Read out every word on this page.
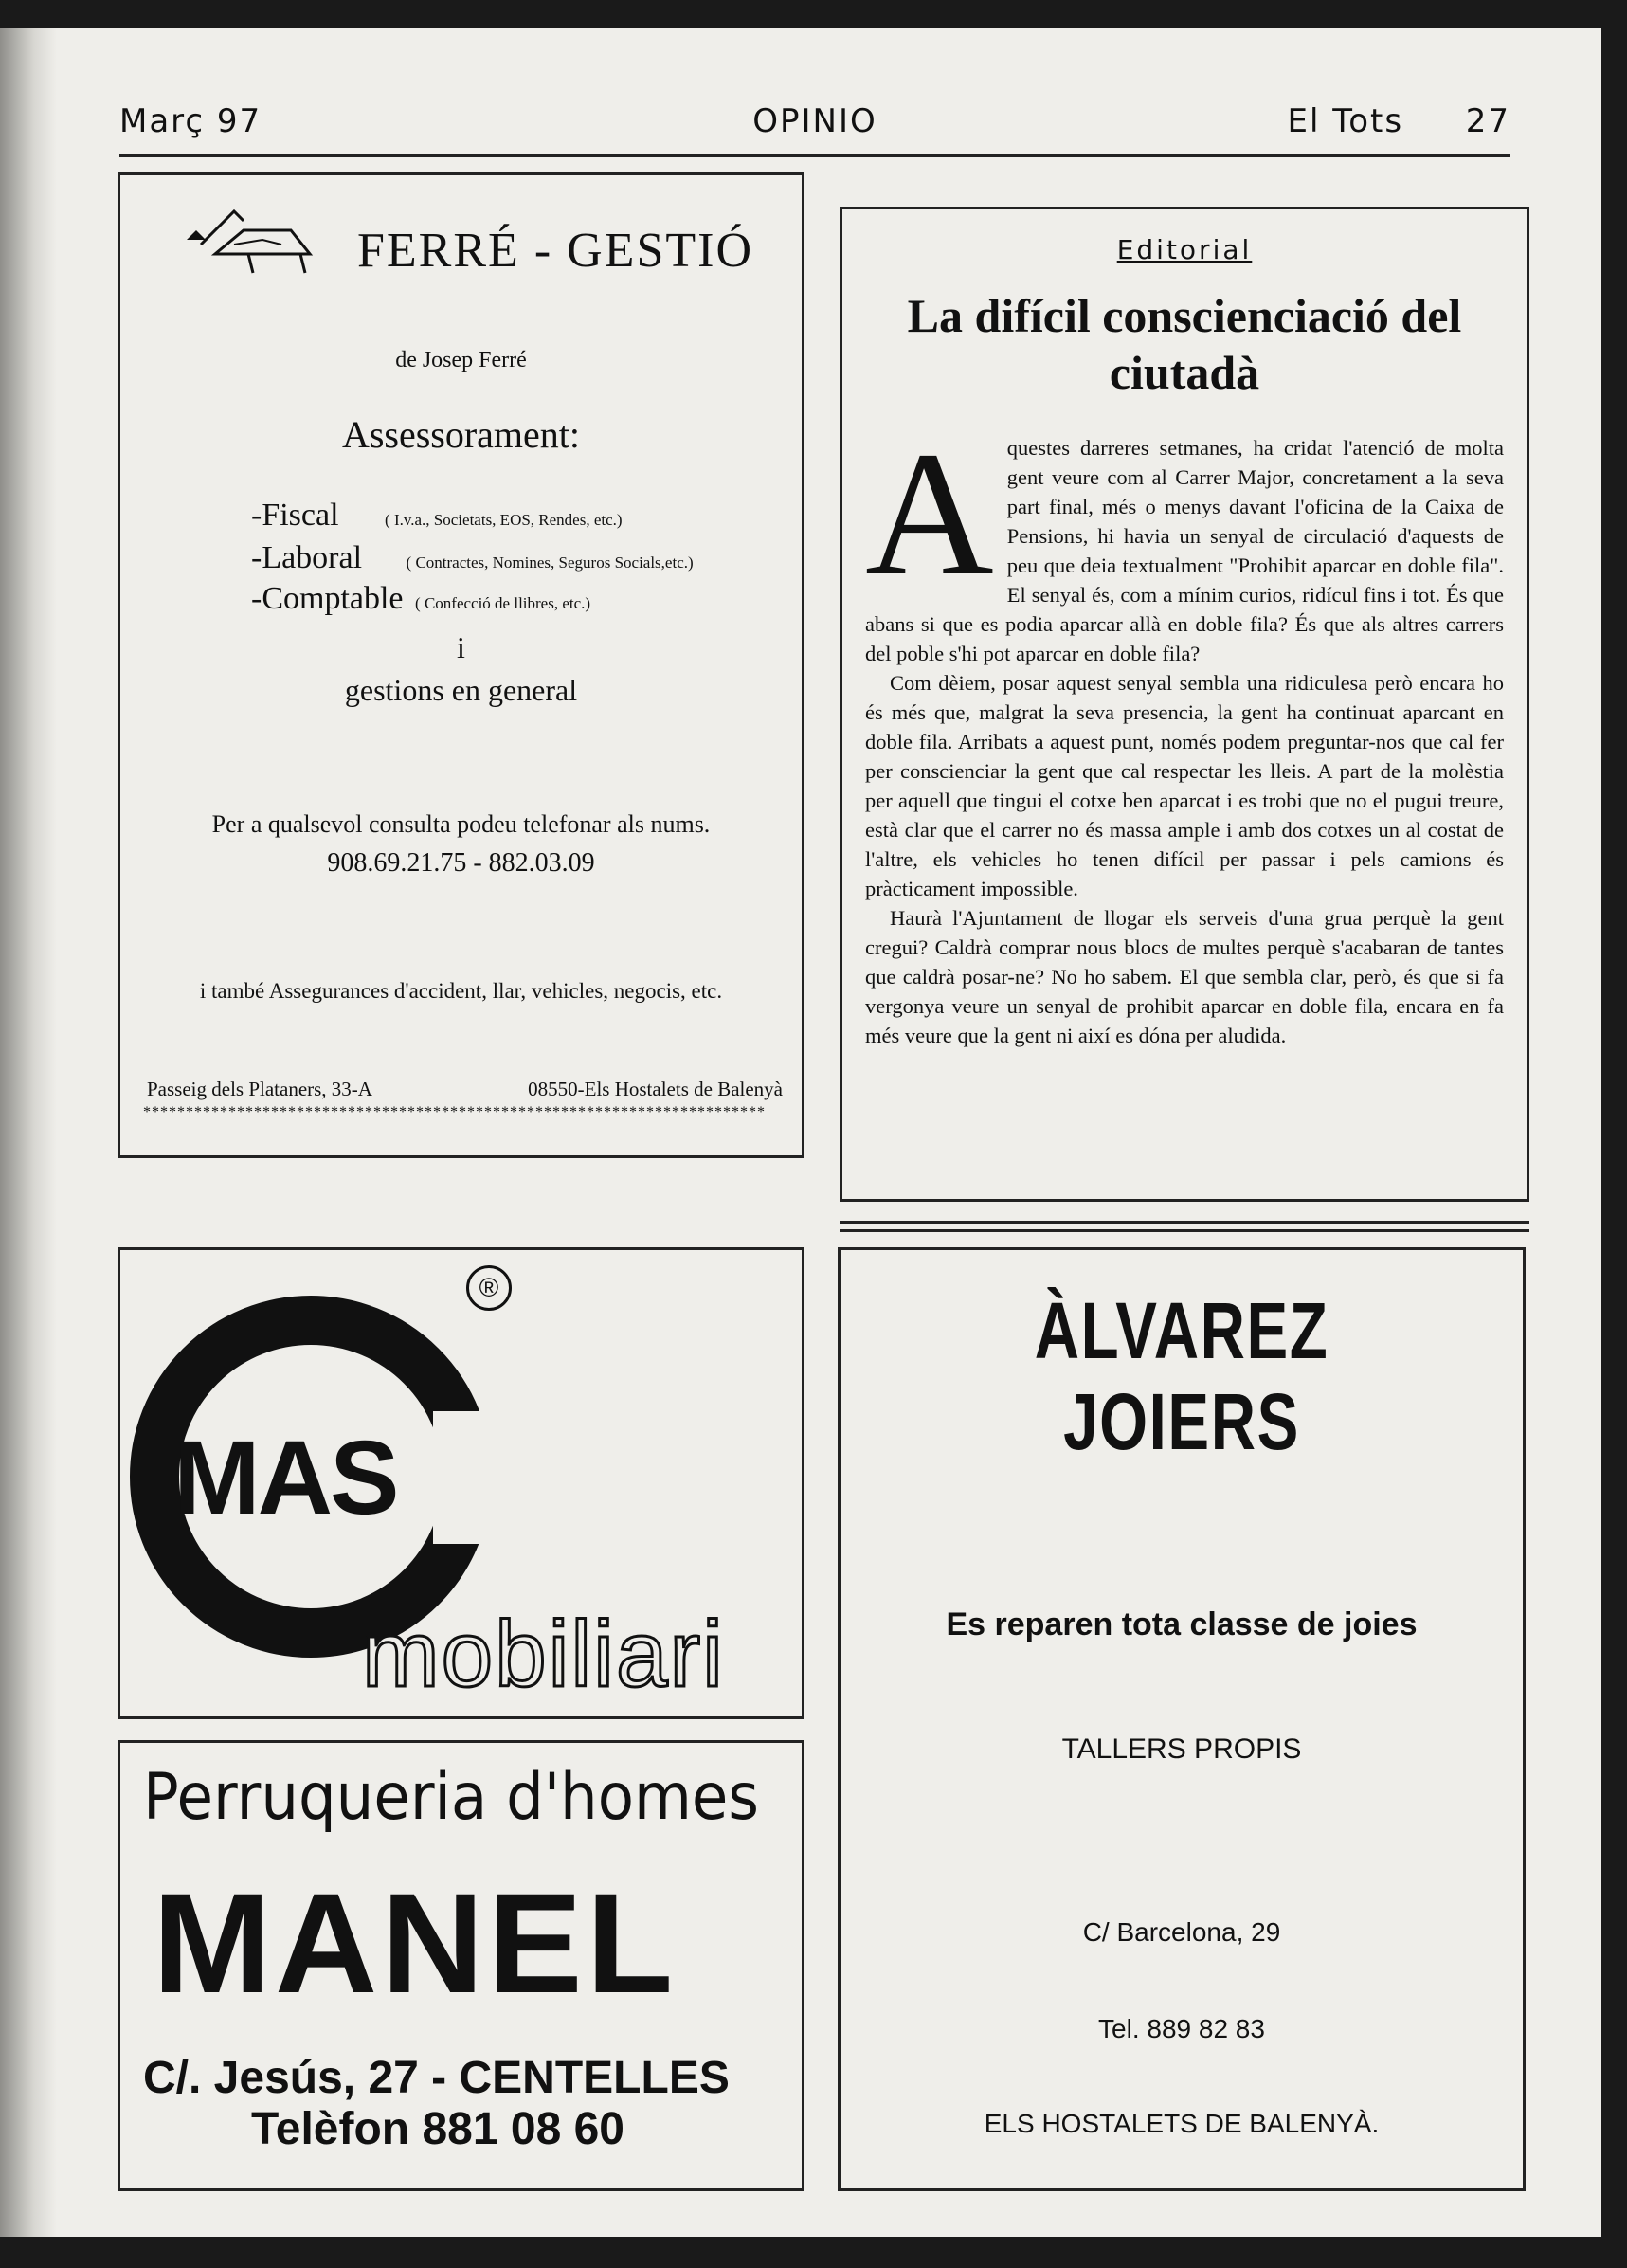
Març 97	OPINIO	El Tots 27
FERRÉ - GESTIÓ
de Josep Ferré
Assessorament:
-Fiscal	( I.v.a., Societats, EOS, Rendes, etc.)
-Laboral	( Contractes, Nomines, Seguros Socials,etc.)
-Comptable ( Confecció de llibres, etc.)
i
gestions en general
Per a qualsevol consulta podeu telefonar als nums.
908.69.21.75 - 882.03.09
i també Assegurances d'accident, llar, vehicles, negocis, etc.
Passeig dels Plataners, 33-A	08550-Els Hostalets de Balenyà
*************************************************************************
Editorial
La difícil conscienciació del ciutadà

Aquestes darreres setmanes, ha cridat l'atenció de molta gent veure com al Carrer Major, concretament a la seva part final, més o menys davant l'oficina de la Caixa de Pensions, hi havia un senyal de circulació d'aquests de peu que deia textualment "Prohibit aparcar en doble fila". El senyal és, com a mínim curios, ridícul fins i tot. És que abans si que es podia aparcar allà en doble fila? És que als altres carrers del poble s'hi pot aparcar en doble fila?

Com dèiem, posar aquest senyal sembla una ridiculesa però encara ho és més que, malgrat la seva presencia, la gent ha continuat aparcant en doble fila. Arribats a aquest punt, només podem preguntar-nos que cal fer per conscienciar la gent que cal respectar les lleis. A part de la molèstia per aquell que tingui el cotxe ben aparcat i es trobi que no el pugui treure, està clar que el carrer no és massa ample i amb dos cotxes un al costat de l'altre, els vehicles ho tenen difícil per passar i pels camions és pràcticament impossible.

Haurà l'Ajuntament de llogar els serveis d'una grua perquè la gent cregui? Caldrà comprar nous blocs de multes perquè s'acabaran de tantes que caldrà posar-ne? No ho sabem. El que sembla clar, però, és que si fa vergonya veure un senyal de prohibit aparcar en doble fila, encara en fa més veure que la gent ni així es dóna per aludida.

MAS
®
mobiliari
Perruqueria d'homes
MANEL
C/. Jesús, 27 - CENTELLES
Telèfon 881 08 60
ÀLVAREZ
JOIERS
Es reparen tota classe de joies
TALLERS PROPIS
C/ Barcelona, 29
Tel. 889 82 83
ELS HOSTALETS DE BALENYÀ.
